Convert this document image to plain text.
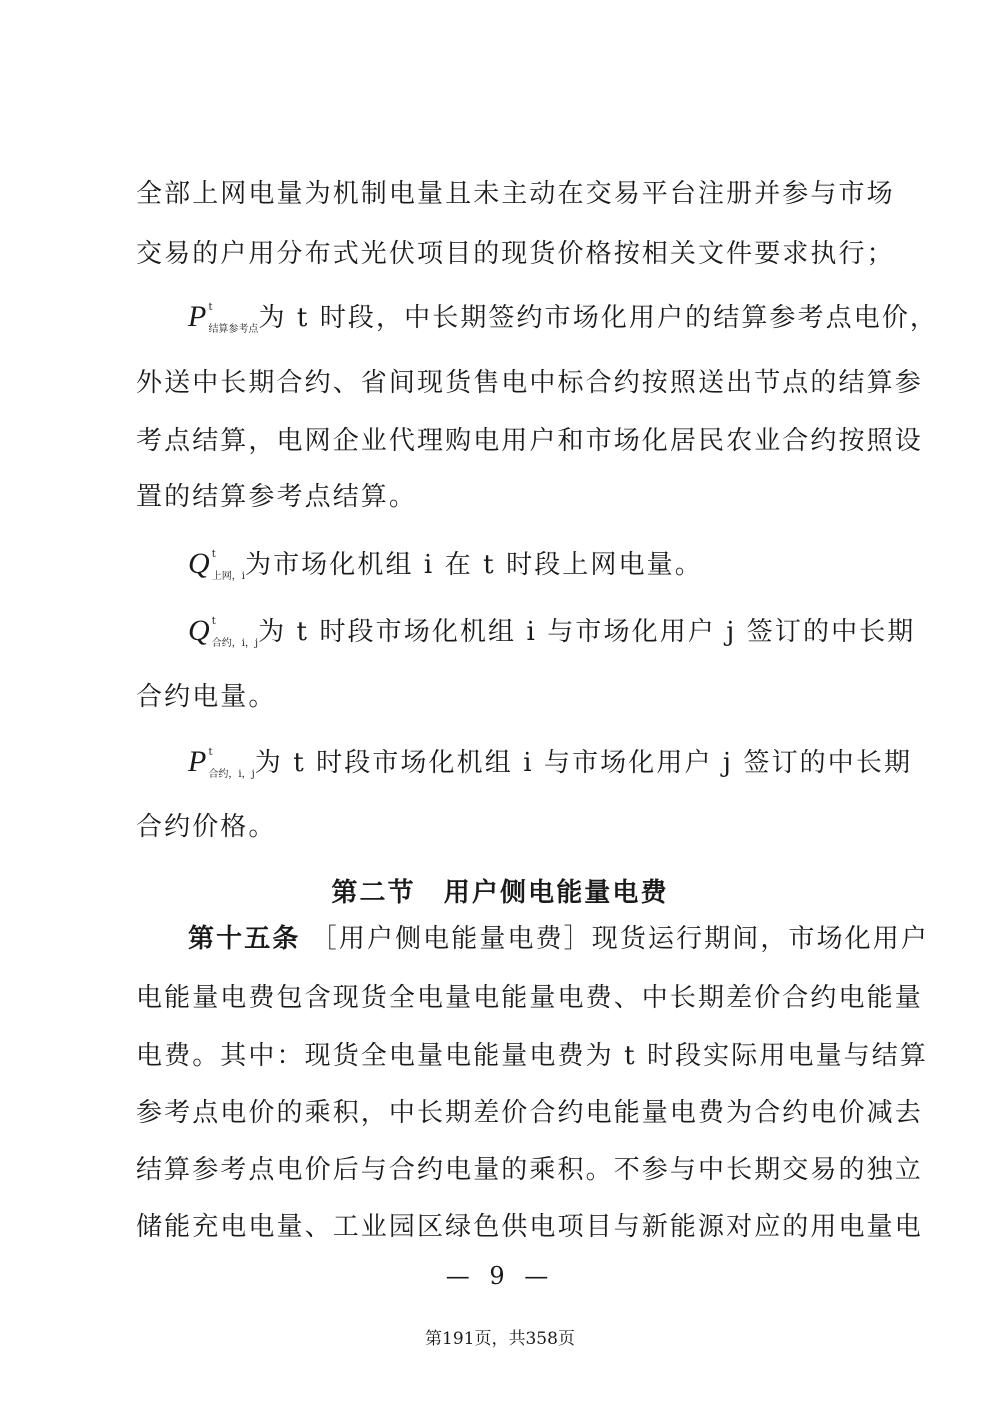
全部上网电量为机制电量且未主动在交易平台注册并参与市场
交易的户用分布式光伏项目的现货价格按相关文件要求执行；
P t
结算参考点为 t 时段，中长期签约市场化用户的结算参考点电价，
外送中长期合约、省间现货售电中标合约按照送出节点的结算参
考点结算，电网企业代理购电用户和市场化居民农业合约按照设
置的结算参考点结算。
Q t
上网，i为市场化机组 i 在 t 时段上网电量。
Q t
合约，i，j为 t 时段市场化机组 i 与市场化用户 j 签订的中长期
合约电量。
P t
合约，i，j为 t 时段市场化机组 i 与市场化用户 j 签订的中长期
合约价格。
第二节　用户侧电能量电费
第十五条 ［用户侧电能量电费］现货运行期间，市场化用户
电能量电费包含现货全电量电能量电费、中长期差价合约电能量
电费。其中：现货全电量电能量电费为 t 时段实际用电量与结算
参考点电价的乘积，中长期差价合约电能量电费为合约电价减去
结算参考点电价后与合约电量的乘积。不参与中长期交易的独立
储能充电电量、工业园区绿色供电项目与新能源对应的用电量电
— 9 —
第191页，共358页
